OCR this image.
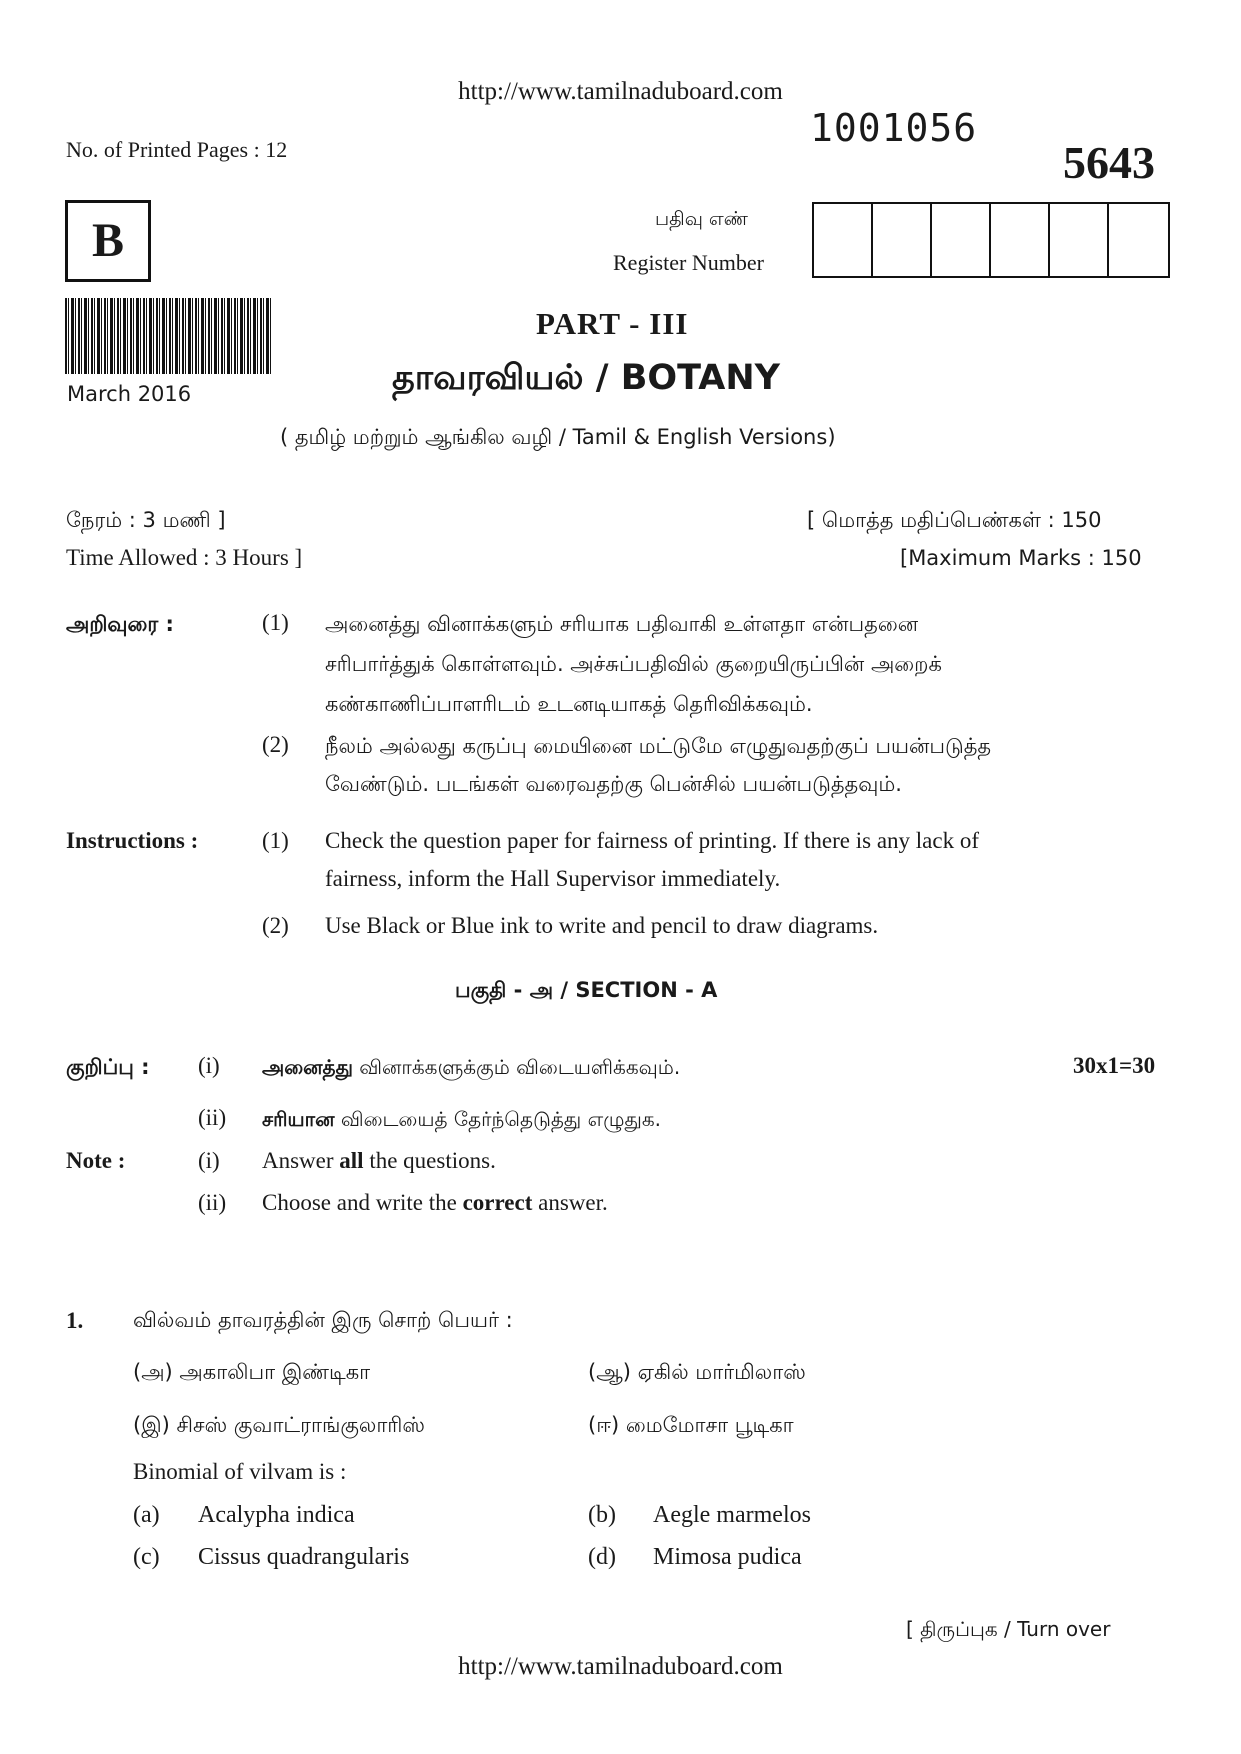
http://www.tamilnaduboard.com
1001056
No. of Printed Pages : 12	5643
B	பதிவு எண்
Register Number
March 2016
PART - III
தாவரவியல் / BOTANY
( தமிழ் மற்றும் ஆங்கில வழி / Tamil & English Versions)
நேரம் : 3 மணி ]
Time Allowed : 3 Hours ]
[ மொத்த மதிப்பெண்கள் : 150
[Maximum Marks : 150
அறிவுரை :	(1) அனைத்து வினாக்களும் சரியாக பதிவாகி உள்ளதா என்பதனை
சரிபார்த்துக் கொள்ளவும். அச்சுப்பதிவில் குறையிருப்பின் அறைக்
கண்காணிப்பாளரிடம் உடனடியாகத் தெரிவிக்கவும்.
(2) நீலம் அல்லது கருப்பு மையினை மட்டுமே எழுதுவதற்குப் பயன்படுத்த
வேண்டும். படங்கள் வரைவதற்கு பென்சில் பயன்படுத்தவும்.
Instructions :	(1) Check the question paper for fairness of printing. If there is any lack of
fairness, inform the Hall Supervisor immediately.
(2) Use Black or Blue ink to write and pencil to draw diagrams.
பகுதி - அ / SECTION - A
குறிப்பு : (i) அனைத்து வினாக்களுக்கும் விடையளிக்கவும்.	30x1=30
(ii) சரியான விடையைத் தேர்ந்தெடுத்து எழுதுக.
Note :	(i) Answer all the questions.
(ii) Choose and write the correct answer.
1. வில்வம் தாவரத்தின் இரு சொற் பெயர் :
(அ) அகாலிபா இண்டிகா	(ஆ) ஏகில் மார்மிலாஸ்
(இ) சிசஸ் குவாட்ராங்குலாரிஸ்	(ஈ) மைமோசா பூடிகா
Binomial of vilvam is :
(a) Acalypha indica	(b) Aegle marmelos
(c) Cissus quadrangularis	(d) Mimosa pudica
[ திருப்புக / Turn over
http://www.tamilnaduboard.com
